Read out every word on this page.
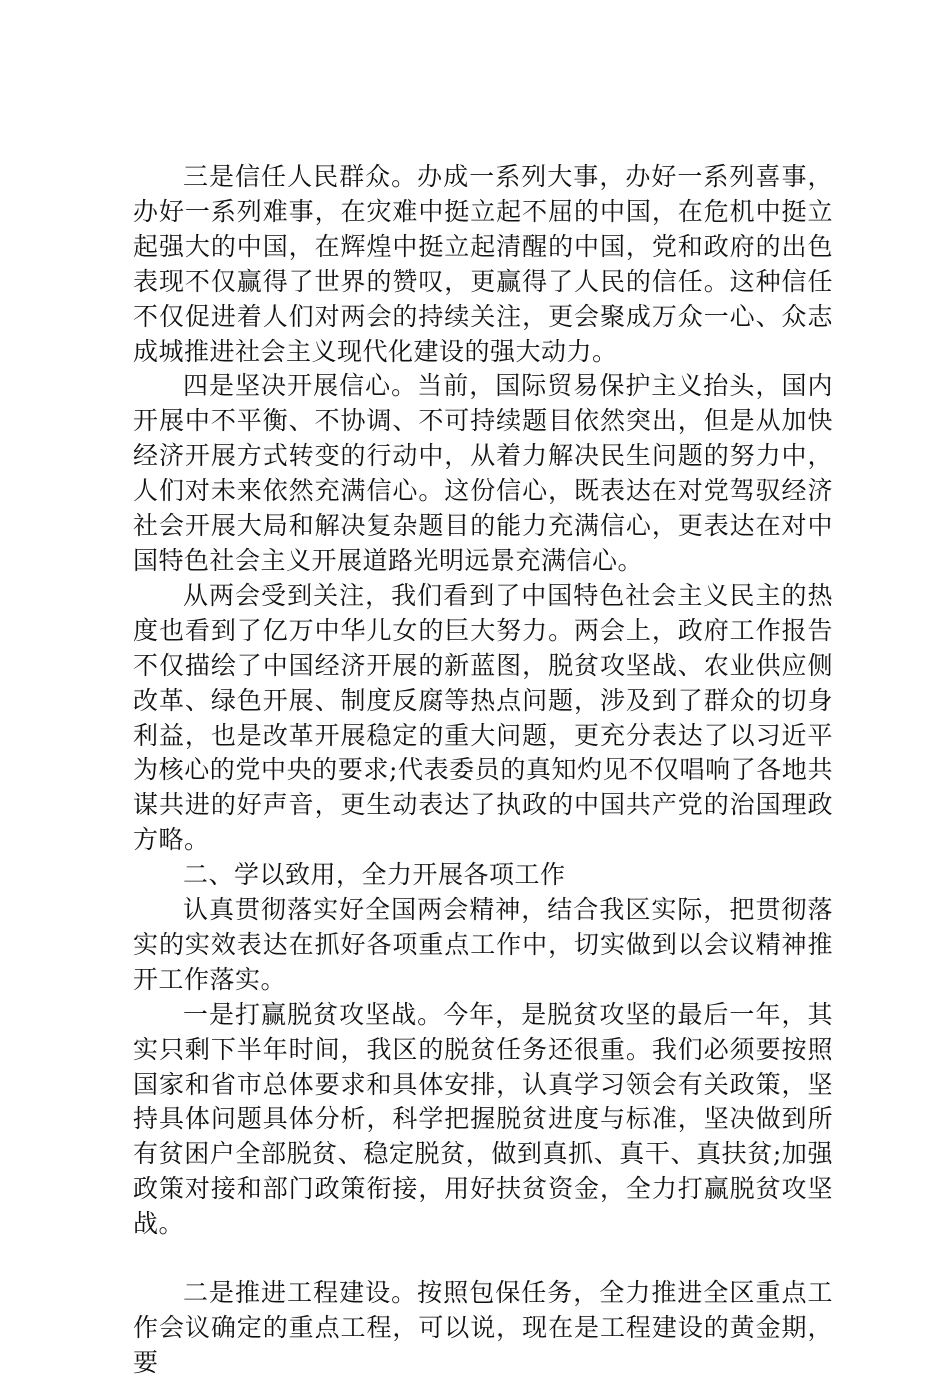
三是信任人民群众。办成一系列大事，办好一系列喜事，办好一系列难事，在灾难中挺立起不屈的中国，在危机中挺立起强大的中国，在辉煌中挺立起清醒的中国，党和政府的出色表现不仅赢得了世界的赞叹，更赢得了人民的信任。这种信任不仅促进着人们对两会的持续关注，更会聚成万众一心、众志成城推进社会主义现代化建设的强大动力。

四是坚决开展信心。当前，国际贸易保护主义抬头，国内开展中不平衡、不协调、不可持续题目依然突出，但是从加快经济开展方式转变的行动中，从着力解决民生问题的努力中，人们对未来依然充满信心。这份信心，既表达在对党驾驭经济社会开展大局和解决复杂题目的能力充满信心，更表达在对中国特色社会主义开展道路光明远景充满信心。

从两会受到关注，我们看到了中国特色社会主义民主的热度也看到了亿万中华儿女的巨大努力。两会上，政府工作报告不仅描绘了中国经济开展的新蓝图，脱贫攻坚战、农业供应侧改革、绿色开展、制度反腐等热点问题，涉及到了群众的切身利益，也是改革开展稳定的重大问题，更充分表达了以习近平为核心的党中央的要求;代表委员的真知灼见不仅唱响了各地共谋共进的好声音，更生动表达了执政的中国共产党的治国理政方略。

二、学以致用，全力开展各项工作

认真贯彻落实好全国两会精神，结合我区实际，把贯彻落实的实效表达在抓好各项重点工作中，切实做到以会议精神推开工作落实。

一是打赢脱贫攻坚战。今年，是脱贫攻坚的最后一年，其实只剩下半年时间，我区的脱贫任务还很重。我们必须要按照国家和省市总体要求和具体安排，认真学习领会有关政策，坚持具体问题具体分析，科学把握脱贫进度与标准，坚决做到所有贫困户全部脱贫、稳定脱贫，做到真抓、真干、真扶贫;加强政策对接和部门政策衔接，用好扶贫资金，全力打赢脱贫攻坚战。

二是推进工程建设。按照包保任务，全力推进全区重点工作会议确定的重点工程，可以说，现在是工程建设的黄金期，要
